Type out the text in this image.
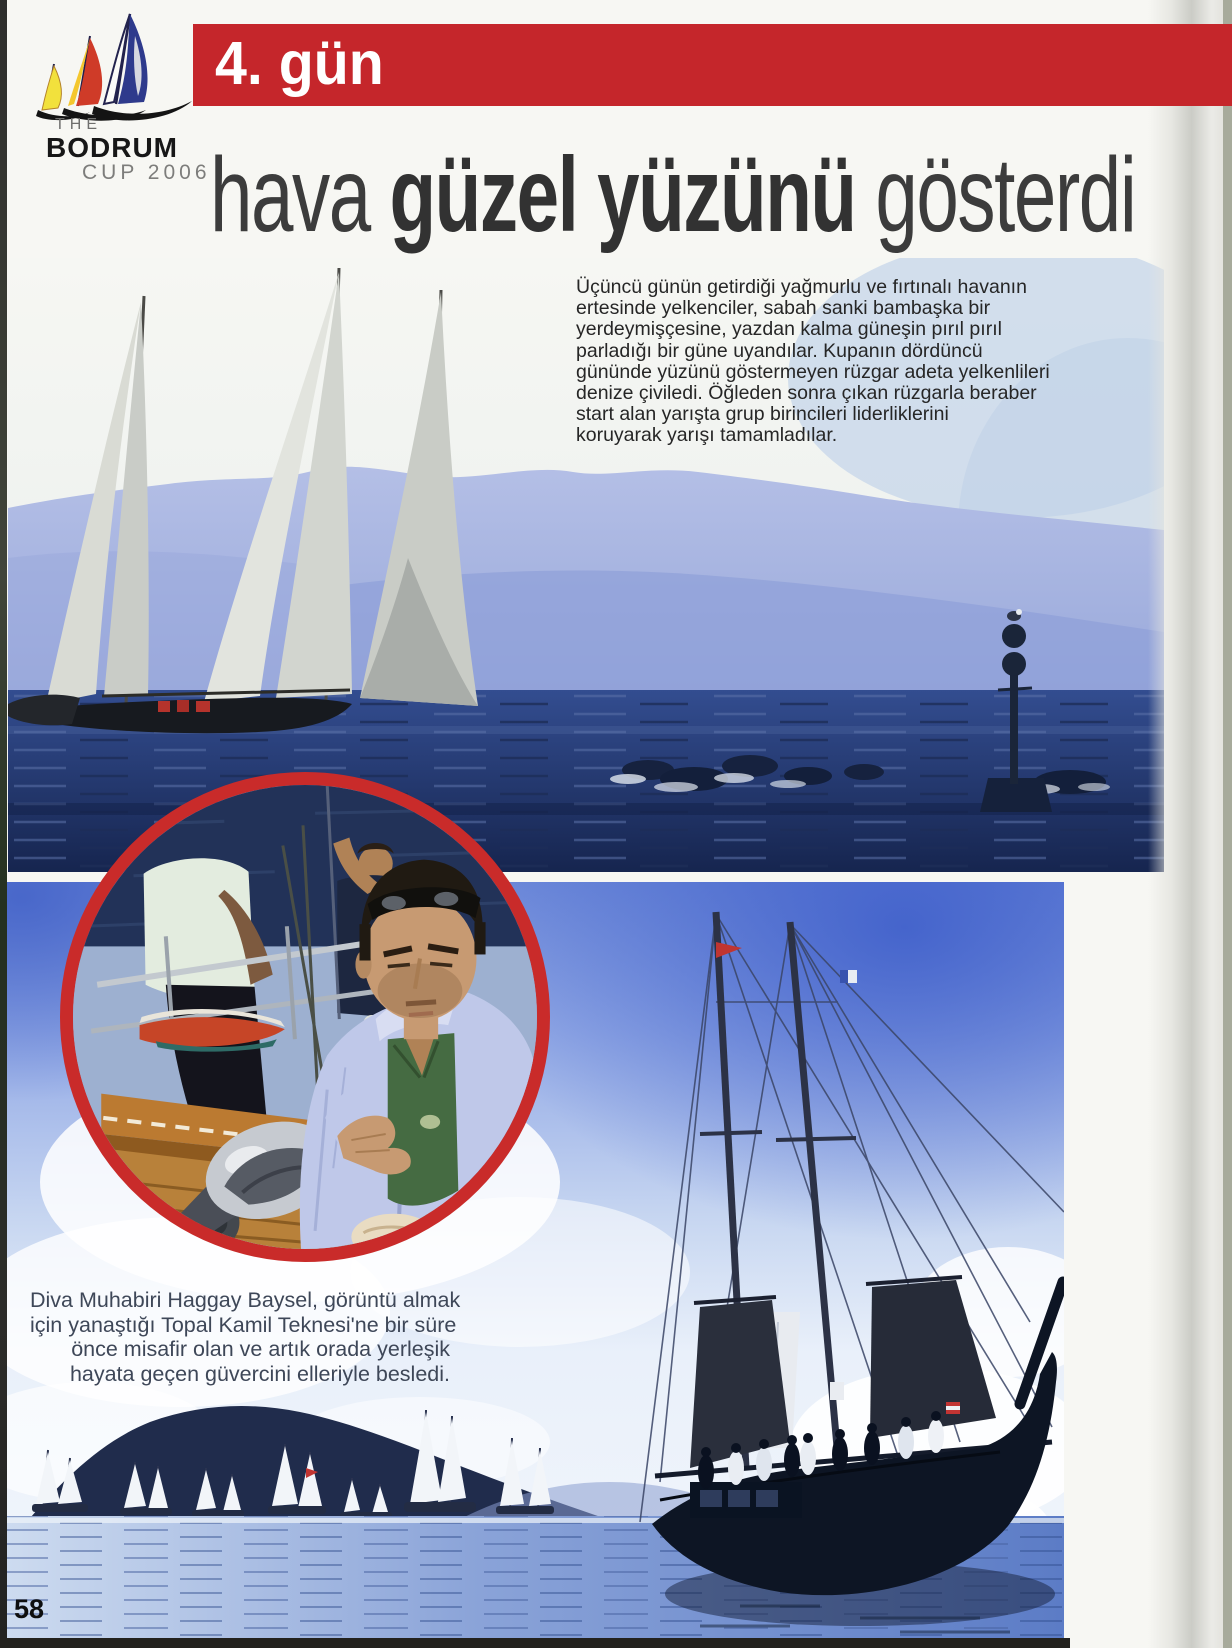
THE
BODRUM
CUP 2006
4. gün
hava güzel yüzünü gösterdi
Üçüncü günün getirdiği yağmurlu ve fırtınalı havanın
ertesinde yelkenciler, sabah sanki bambaşka bir
yerdeymişçesine, yazdan kalma güneşin pırıl pırıl
parladığı bir güne uyandılar. Kupanın dördüncü
gününde yüzünü göstermeyen rüzgar adeta yelkenlileri
denize çiviledi. Öğleden sonra çıkan rüzgarla beraber
start alan yarışta grup birincileri liderliklerini
koruyarak yarışı tamamladılar.
Diva Muhabiri Haggay Baysel, görüntü almak
için yanaştığı Topal Kamil Teknesi'ne bir süre
önce misafir olan ve artık orada yerleşik
hayata geçen güvercini elleriyle besledi.
58
